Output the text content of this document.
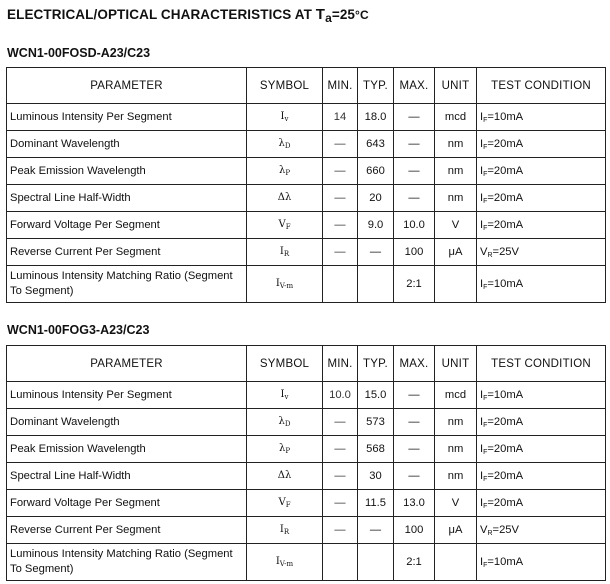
ELECTRICAL/OPTICAL CHARACTERISTICS AT $T_a=25^\circ C$
WCN1-00FOSD-A23/C23
PARAMETER	SYMBOL	MIN.	TYP.	MAX.	UNIT	TEST CONDITION
Luminous Intensity Per Segment	$I_v$	14	18.0	—	mcd	$I_F=10mA$
Dominant Wavelength	$\lambda_D$	—	643	—	nm	$I_F=20mA$
Peak Emission Wavelength	$\lambda_P$	—	660	—	nm	$I_F=20mA$
Spectral Line Half-Width	Δλ	—	20	—	nm	$I_F=20mA$
Forward Voltage Per Segment	$V_F$	—	9.0	10.0	V	$I_F=20mA$
Reverse Current Per Segment	$I_R$	—	—	100	μA	$V_R=25V$
Luminous Intensity Matching Ratio (Segment To Segment)	$I_{V-m}$			2:1		$I_F=10mA$
WCN1-00FOG3-A23/C23
PARAMETER	SYMBOL	MIN.	TYP.	MAX.	UNIT	TEST CONDITION
Luminous Intensity Per Segment	$I_v$	10.0	15.0	—	mcd	$I_F=10mA$
Dominant Wavelength	$\lambda_D$	—	573	—	nm	$I_F=20mA$
Peak Emission Wavelength	$\lambda_P$	—	568	—	nm	$I_F=20mA$
Spectral Line Half-Width	Δλ	—	30	—	nm	$I_F=20mA$
Forward Voltage Per Segment	$V_F$	—	11.5	13.0	V	$I_F=20mA$
Reverse Current Per Segment	$I_R$	—	—	100	μA	$V_R=25V$
Luminous Intensity Matching Ratio (Segment To Segment)	$I_{V-m}$			2:1		$I_F=10mA$
